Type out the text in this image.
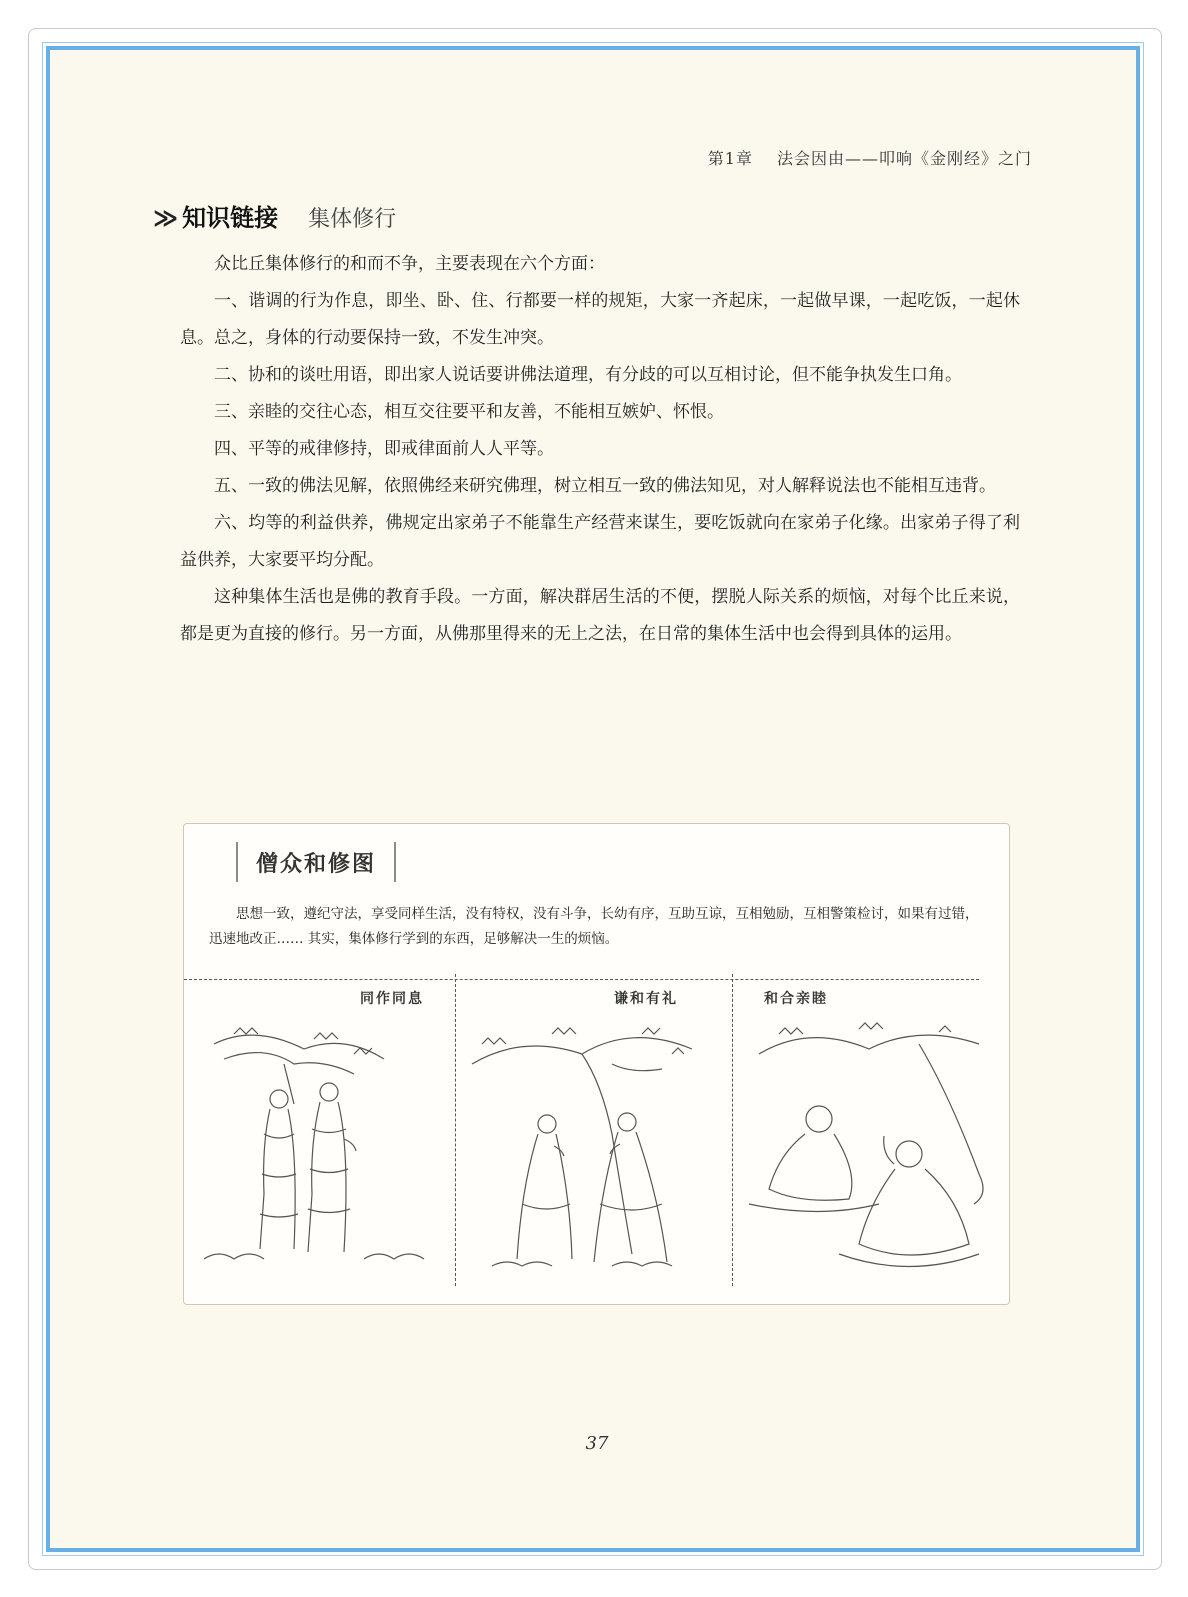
第1章 法会因由——叩响《金刚经》之门
≫ 知识链接 集体修行

众比丘集体修行的和而不争，主要表现在六个方面：

一、谐调的行为作息，即坐、卧、住、行都要一样的规矩，大家一齐起床，一起做早课，一起吃饭，一起休息。总之，身体的行动要保持一致，不发生冲突。

二、协和的谈吐用语，即出家人说话要讲佛法道理，有分歧的可以互相讨论，但不能争执发生口角。

三、亲睦的交往心态，相互交往要平和友善，不能相互嫉妒、怀恨。

四、平等的戒律修持，即戒律面前人人平等。

五、一致的佛法见解，依照佛经来研究佛理，树立相互一致的佛法知见，对人解释说法也不能相互违背。

六、均等的利益供养，佛规定出家弟子不能靠生产经营来谋生，要吃饭就向在家弟子化缘。出家弟子得了利益供养，大家要平均分配。

这种集体生活也是佛的教育手段。一方面，解决群居生活的不便，摆脱人际关系的烦恼，对每个比丘来说，都是更为直接的修行。另一方面，从佛那里得来的无上之法，在日常的集体生活中也会得到具体的运用。

僧众和修图
思想一致，遵纪守法，享受同样生活，没有特权，没有斗争，长幼有序，互助互谅，互相勉励，互相警策检讨，如果有过错，迅速地改正…… 其实，集体修行学到的东西，足够解决一生的烦恼。
同作同息	谦和有礼	和合亲睦
37
